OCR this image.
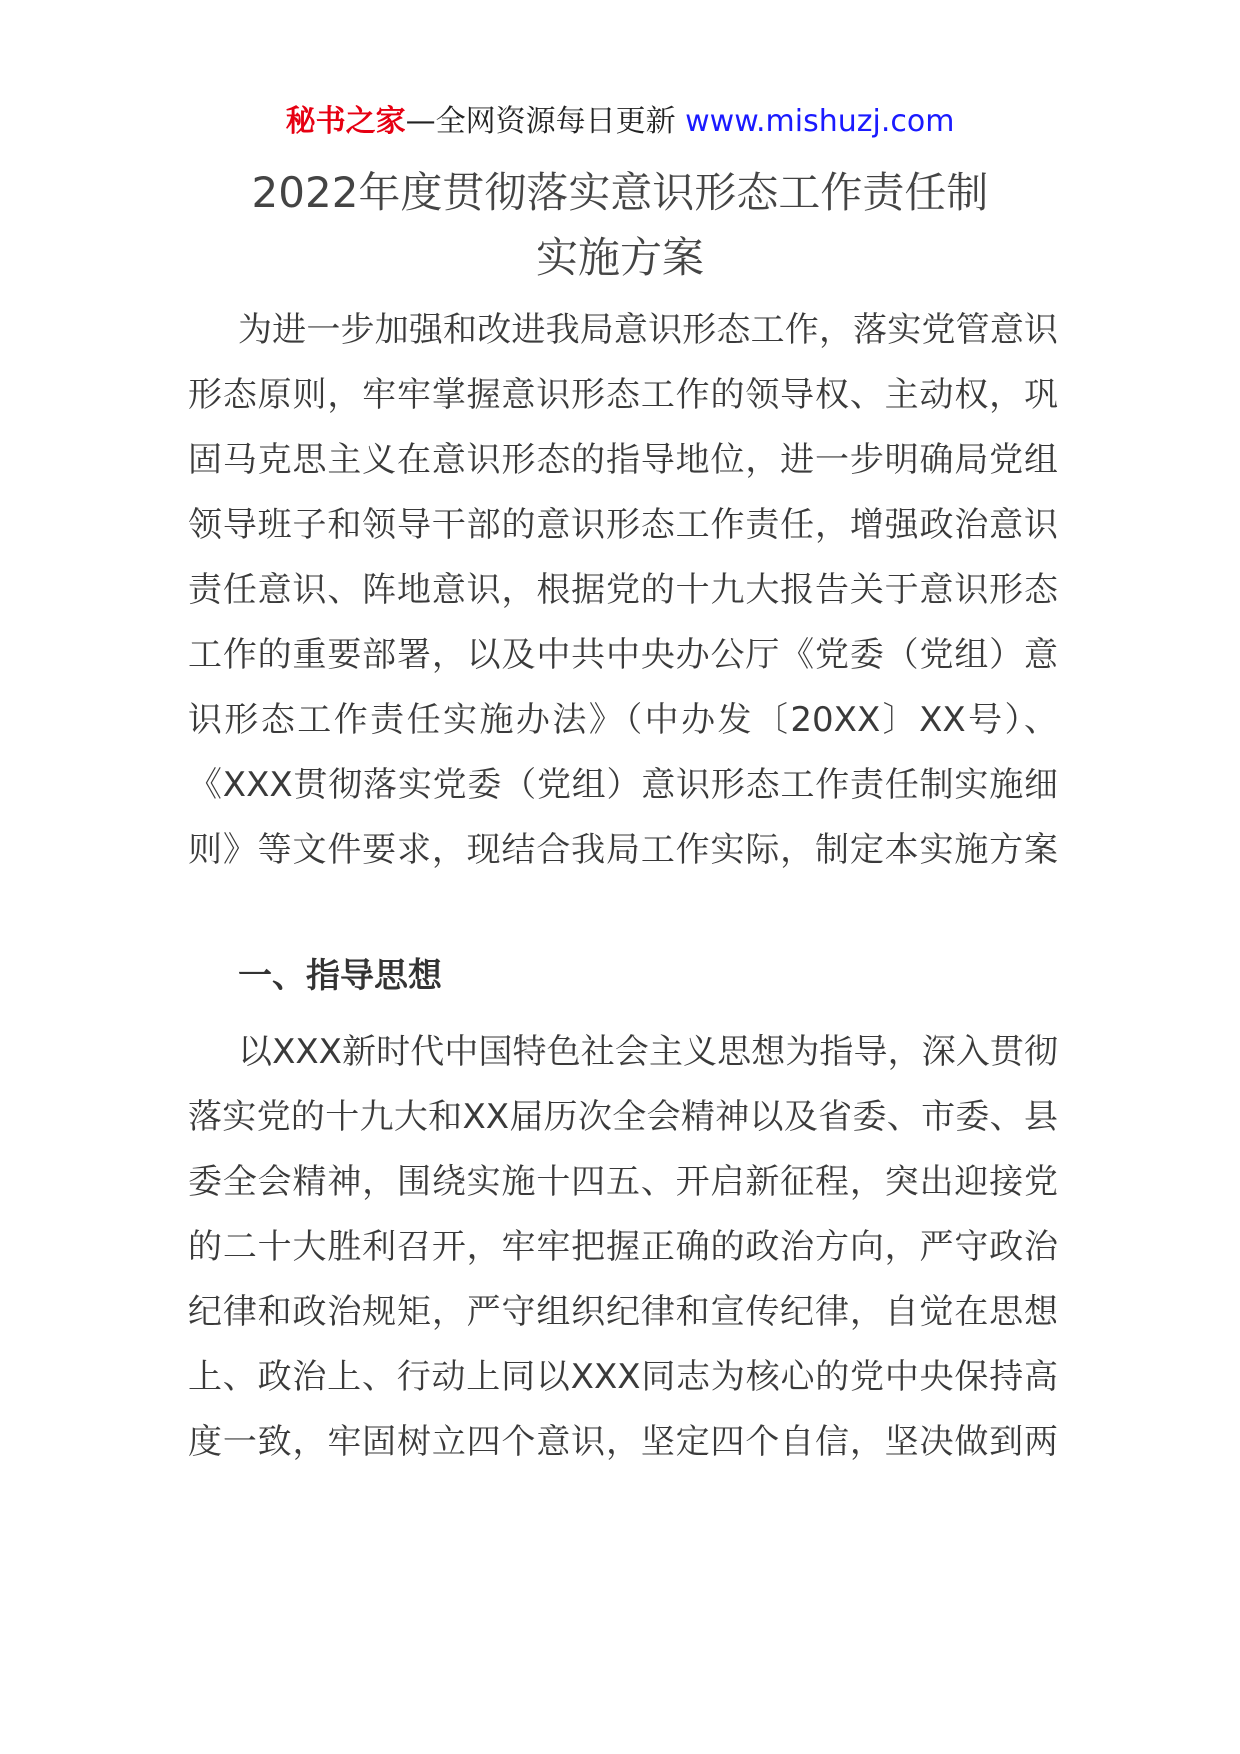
秘书之家—全网资源每日更新 www.mishuzj.com
2022年度贯彻落实意识形态工作责任制
实施方案
为进一步加强和改进我局意识形态工作，落实党管意识
形态原则，牢牢掌握意识形态工作的领导权、主动权，巩
固马克思主义在意识形态的指导地位，进一步明确局党组
领导班子和领导干部的意识形态工作责任，增强政治意识
责任意识、阵地意识，根据党的十九大报告关于意识形态
工作的重要部署，以及中共中央办公厅《党委（党组）意
识形态工作责任实施办法》（中办发〔20XX〕XX号）、
《XXX贯彻落实党委（党组）意识形态工作责任制实施细
则》等文件要求，现结合我局工作实际，制定本实施方案
一、指导思想
以XXX新时代中国特色社会主义思想为指导，深入贯彻
落实党的十九大和XX届历次全会精神以及省委、市委、县
委全会精神，围绕实施十四五、开启新征程，突出迎接党
的二十大胜利召开，牢牢把握正确的政治方向，严守政治
纪律和政治规矩，严守组织纪律和宣传纪律，自觉在思想
上、政治上、行动上同以XXX同志为核心的党中央保持高
度一致，牢固树立四个意识，坚定四个自信，坚决做到两
